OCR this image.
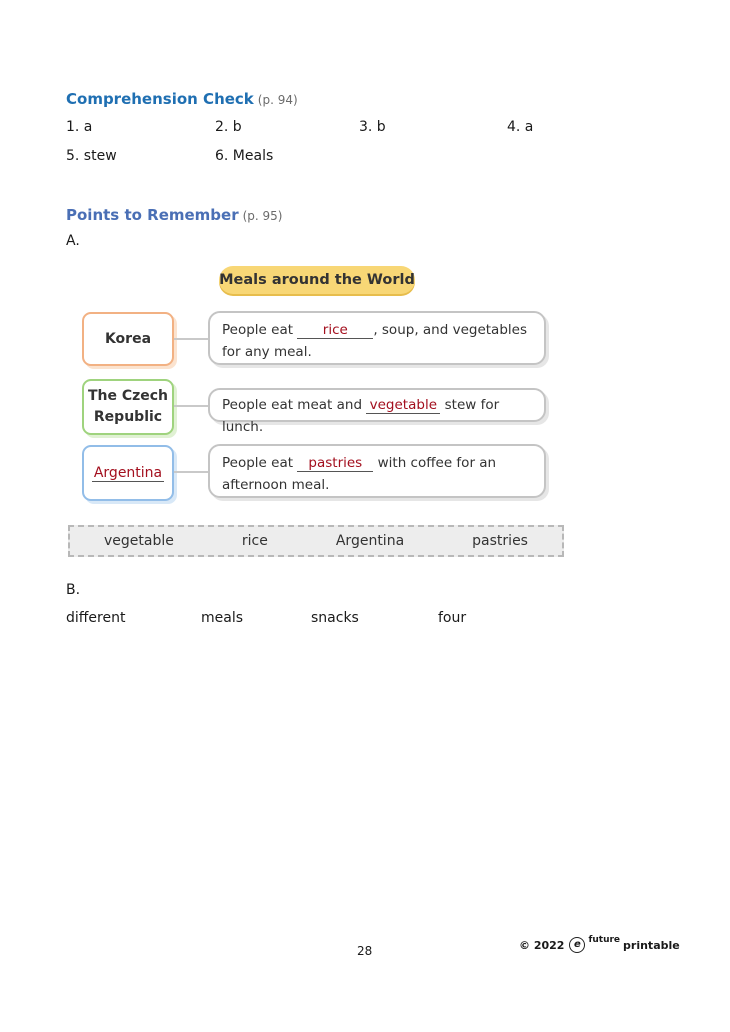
Comprehension Check (p. 94)
1. a	2. b	3. b	4. a
5. stew	6. Meals
Points to Remember (p. 95)
A.
Meals around the World
Korea
People eat rice , soup, and vegetables for any meal.
The Czech
Republic
People eat meat and vegetable stew for lunch.
Argentina
People eat pastries with coffee for an afternoon meal.
vegetable	rice	Argentina	pastries
B.
different	meals	snacks	four
28	© 2022 e future printable
